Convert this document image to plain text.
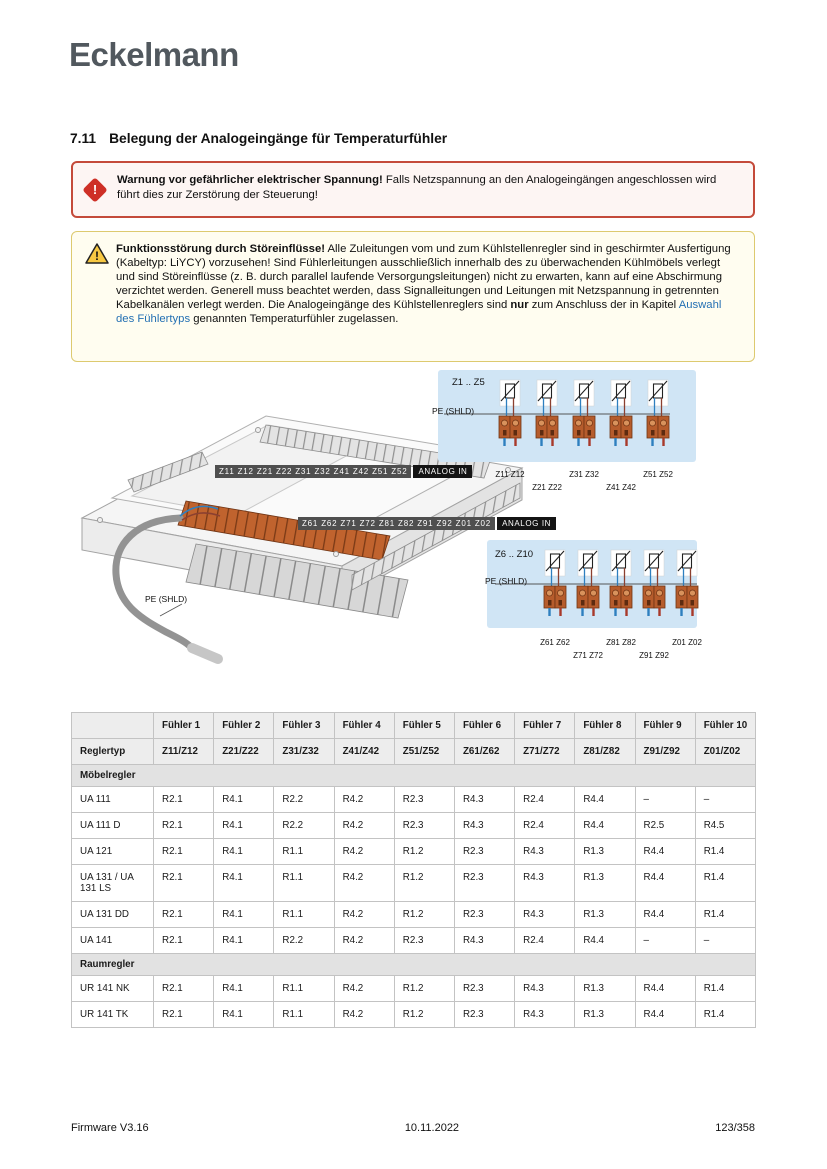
Eckelmann
7.11 Belegung der Analogeingänge für Temperaturfühler
!

Warnung vor gefährlicher elektrischer Spannung! Falls Netzspannung an den Analogeingängen angeschlossen wird führt dies zur Zerstörung der Steuerung!

! Funktionsstörung durch Störeinflüsse! Alle Zuleitungen vom und zum Kühlstellenregler sind in geschirmter Ausfertigung (Kabeltyp: LiYCY) vorzusehen! Sind Fühlerleitungen ausschließlich innerhalb des zu überwachenden Kühlmöbels verlegt und sind Störeinflüsse (z. B. durch parallel laufende Versorgungsleitungen) nicht zu erwarten, kann auf eine Abschirmung verzichtet werden. Generell muss beachtet werden, dass Signalleitungen und Leitungen mit Netzspannung in getrennten Kabelkanälen verlegt werden. Die Analogeingänge des Kühlstellenreglers sind nur zum Anschluss der in Kapitel Auswahl des Fühlertyps genannten Temperaturfühler zugelassen.

Z11 Z12 Z21 Z22 Z31 Z32 Z41 Z42 Z51 Z52	ANALOG IN
Z61 Z62 Z71 Z72 Z81 Z82 Z91 Z92 Z01 Z02	ANALOG IN
PE (SHLD)
Z1 .. Z5
PE (SHLD)
Z11 Z12
Z21 Z22
Z31 Z32
Z41 Z42
Z51 Z52
Z6 .. Z10
PE (SHLD)
Z61 Z62
Z71 Z72
Z81 Z82
Z91 Z92
Z01 Z02
	Fühler 1	Fühler 2	Fühler 3	Fühler 4	Fühler 5	Fühler 6	Fühler 7	Fühler 8	Fühler 9	Fühler 10
Reglertyp	Z11/Z12	Z21/Z22	Z31/Z32	Z41/Z42	Z51/Z52	Z61/Z62	Z71/Z72	Z81/Z82	Z91/Z92	Z01/Z02
Möbelregler										
UA 111	R2.1	R4.1	R2.2	R4.2	R2.3	R4.3	R2.4	R4.4	–	–
UA 111 D	R2.1	R4.1	R2.2	R4.2	R2.3	R4.3	R2.4	R4.4	R2.5	R4.5
UA 121	R2.1	R4.1	R1.1	R4.2	R1.2	R2.3	R4.3	R1.3	R4.4	R1.4
UA 131 / UA 131 LS	R2.1	R4.1	R1.1	R4.2	R1.2	R2.3	R4.3	R1.3	R4.4	R1.4
UA 131 DD	R2.1	R4.1	R1.1	R4.2	R1.2	R2.3	R4.3	R1.3	R4.4	R1.4
UA 141	R2.1	R4.1	R2.2	R4.2	R2.3	R4.3	R2.4	R4.4	–	–
Raumregler										
UR 141 NK	R2.1	R4.1	R1.1	R4.2	R1.2	R2.3	R4.3	R1.3	R4.4	R1.4
UR 141 TK	R2.1	R4.1	R1.1	R4.2	R1.2	R2.3	R4.3	R1.3	R4.4	R1.4
Firmware V3.16	10.11.2022	123/358
